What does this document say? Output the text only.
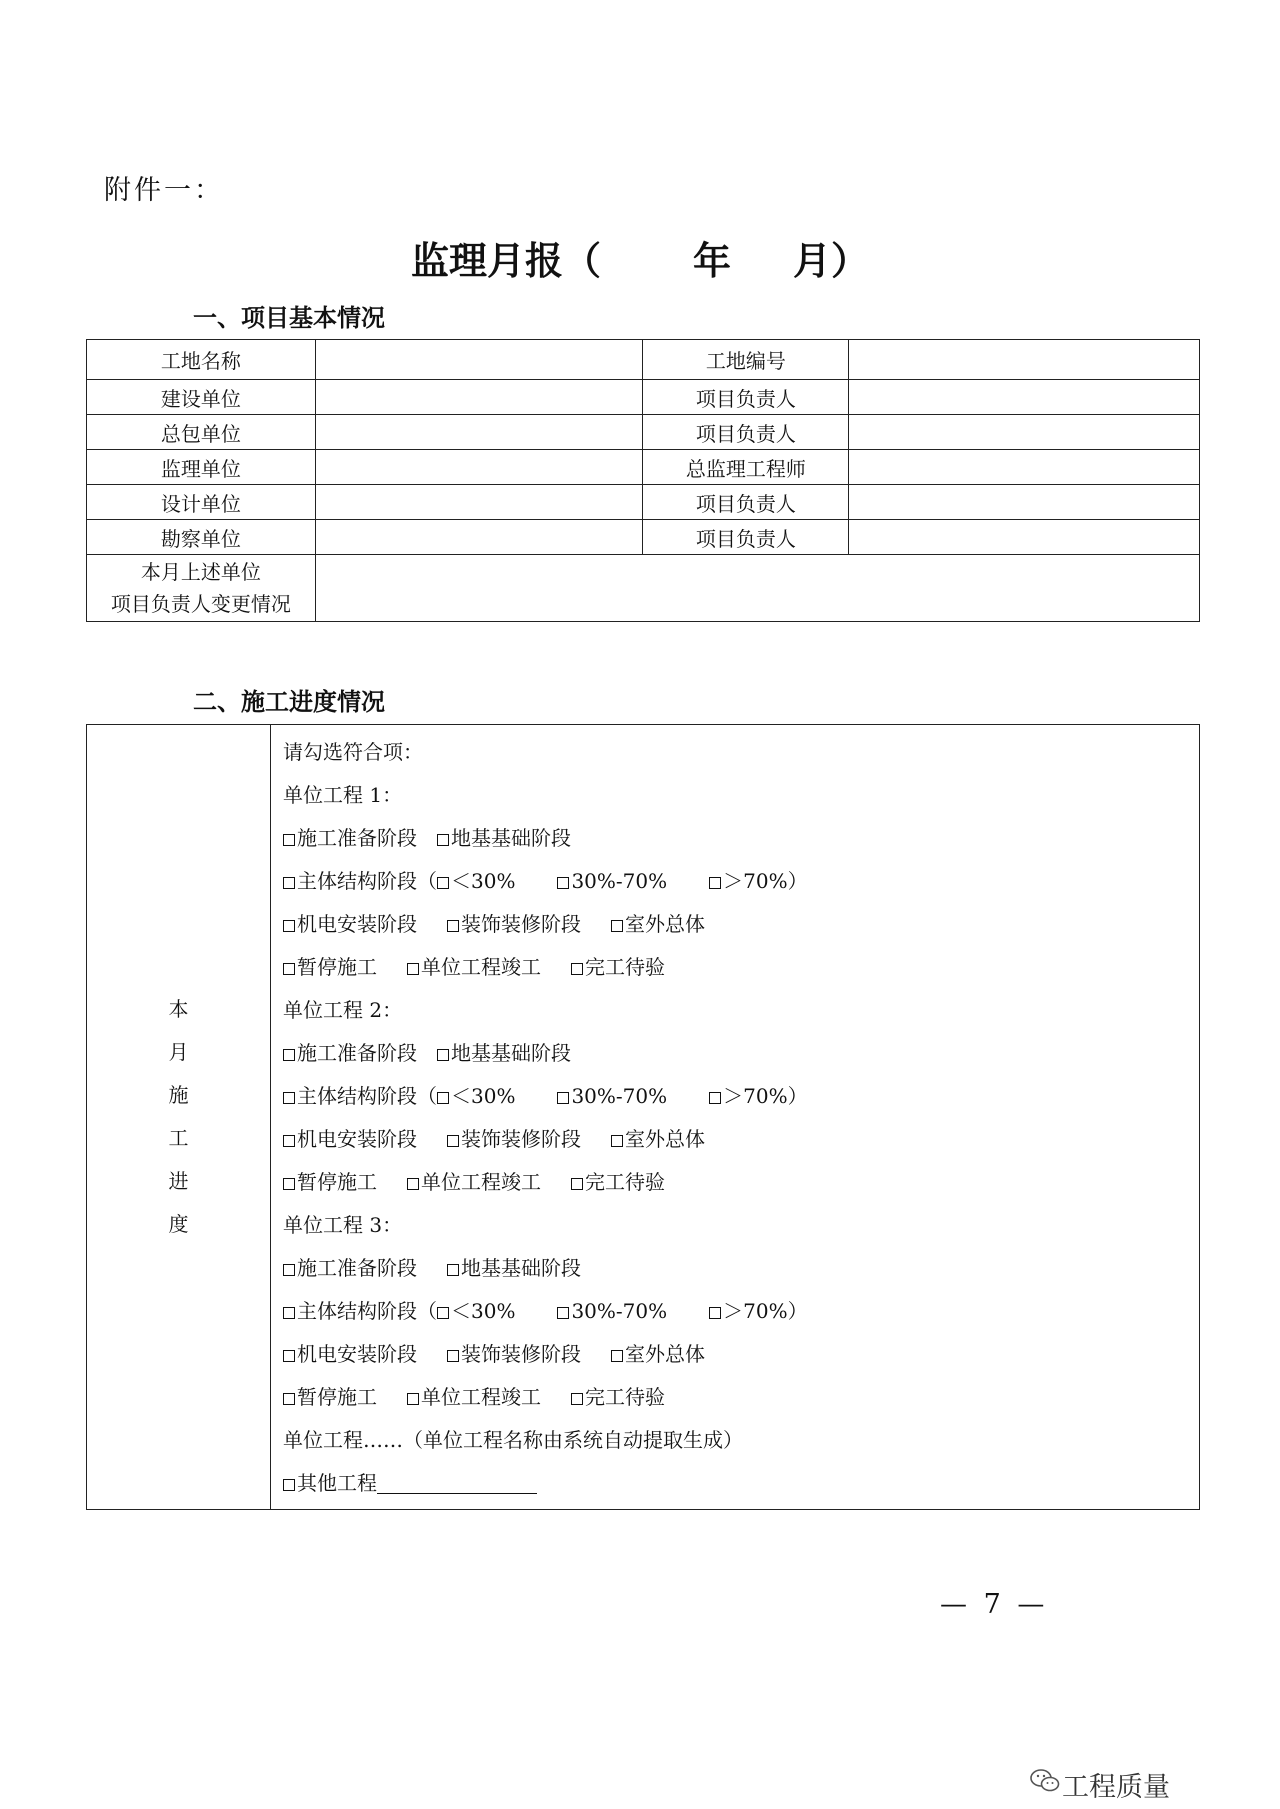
附件一：
监理月报（ 年 月）
一、项目基本情况
工地名称		工地编号	
建设单位		项目负责人	
总包单位		项目负责人	
监理单位		总监理工程师	
设计单位		项目负责人	
勘察单位		项目负责人	

本月上述单位
项目负责人变更情况			

二、施工进度情况
本
月
施
工
进
度

请勾选符合项：
单位工程 1：
施工准备阶段 地基基础阶段
主体结构阶段（ ＜30%	30%-70%	＞70%）
机电安装阶段 装饰装修阶段 室外总体
暂停施工 单位工程竣工 完工待验
单位工程 2：
施工准备阶段 地基基础阶段
主体结构阶段（ ＜30%	30%-70%	＞70%）
机电安装阶段 装饰装修阶段 室外总体
暂停施工 单位工程竣工 完工待验
单位工程 3：
施工准备阶段 地基基础阶段
主体结构阶段（ ＜30%	30%-70%	＞70%）
机电安装阶段 装饰装修阶段 室外总体
暂停施工 单位工程竣工 完工待验
单位工程……（单位工程名称由系统自动提取生成）
其他工程
— 7 —
工程质量
